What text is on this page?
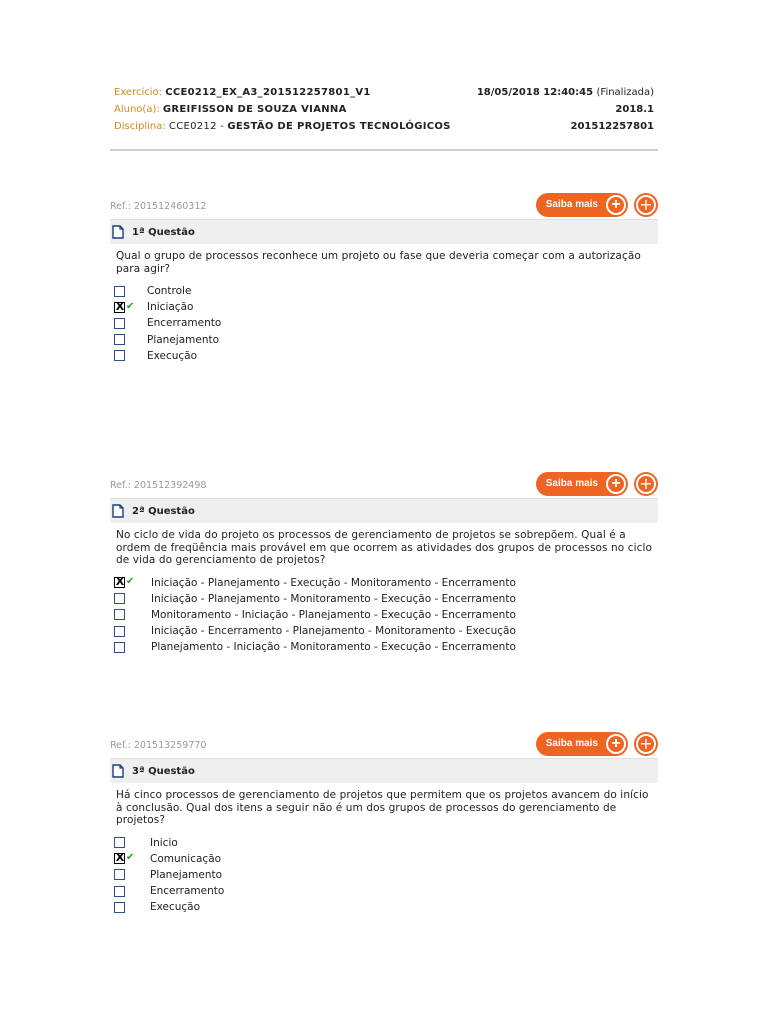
Exercício: CCE0212_EX_A3_201512257801_V1	18/05/2018 12:40:45 (Finalizada)
Aluno(a): GREIFISSON DE SOUZA VIANNA	2018.1
Disciplina: CCE0212 - GESTÃO DE PROJETOS TECNOLÓGICOS	201512257801
Ref.: 201512460312	Saiba mais +	+
1ª Questão
Qual o grupo de processos reconhece um projeto ou fase que deveria começar com a autorização para agir?
Controle
X ✔ Iniciação
Encerramento
Planejamento
Execução
Ref.: 201512392498	Saiba mais +	+
2ª Questão
No ciclo de vida do projeto os processos de gerenciamento de projetos se sobrepõem. Qual é a ordem de freqüência mais provável em que ocorrem as atividades dos grupos de processos no ciclo de vida do gerenciamento de projetos?
X ✔ Iniciação - Planejamento - Execução - Monitoramento - Encerramento
Iniciação - Planejamento - Monitoramento - Execução - Encerramento
Monitoramento - Iniciação - Planejamento - Execução - Encerramento
Iniciação - Encerramento - Planejamento - Monitoramento - Execução
Planejamento - Iniciação - Monitoramento - Execução - Encerramento
Ref.: 201513259770	Saiba mais +	+
3ª Questão
Há cinco processos de gerenciamento de projetos que permitem que os projetos avancem do início à conclusão. Qual dos itens a seguir não é um dos grupos de processos do gerenciamento de projetos?
Inicio
X ✔ Comunicação
Planejamento
Encerramento
Execução
